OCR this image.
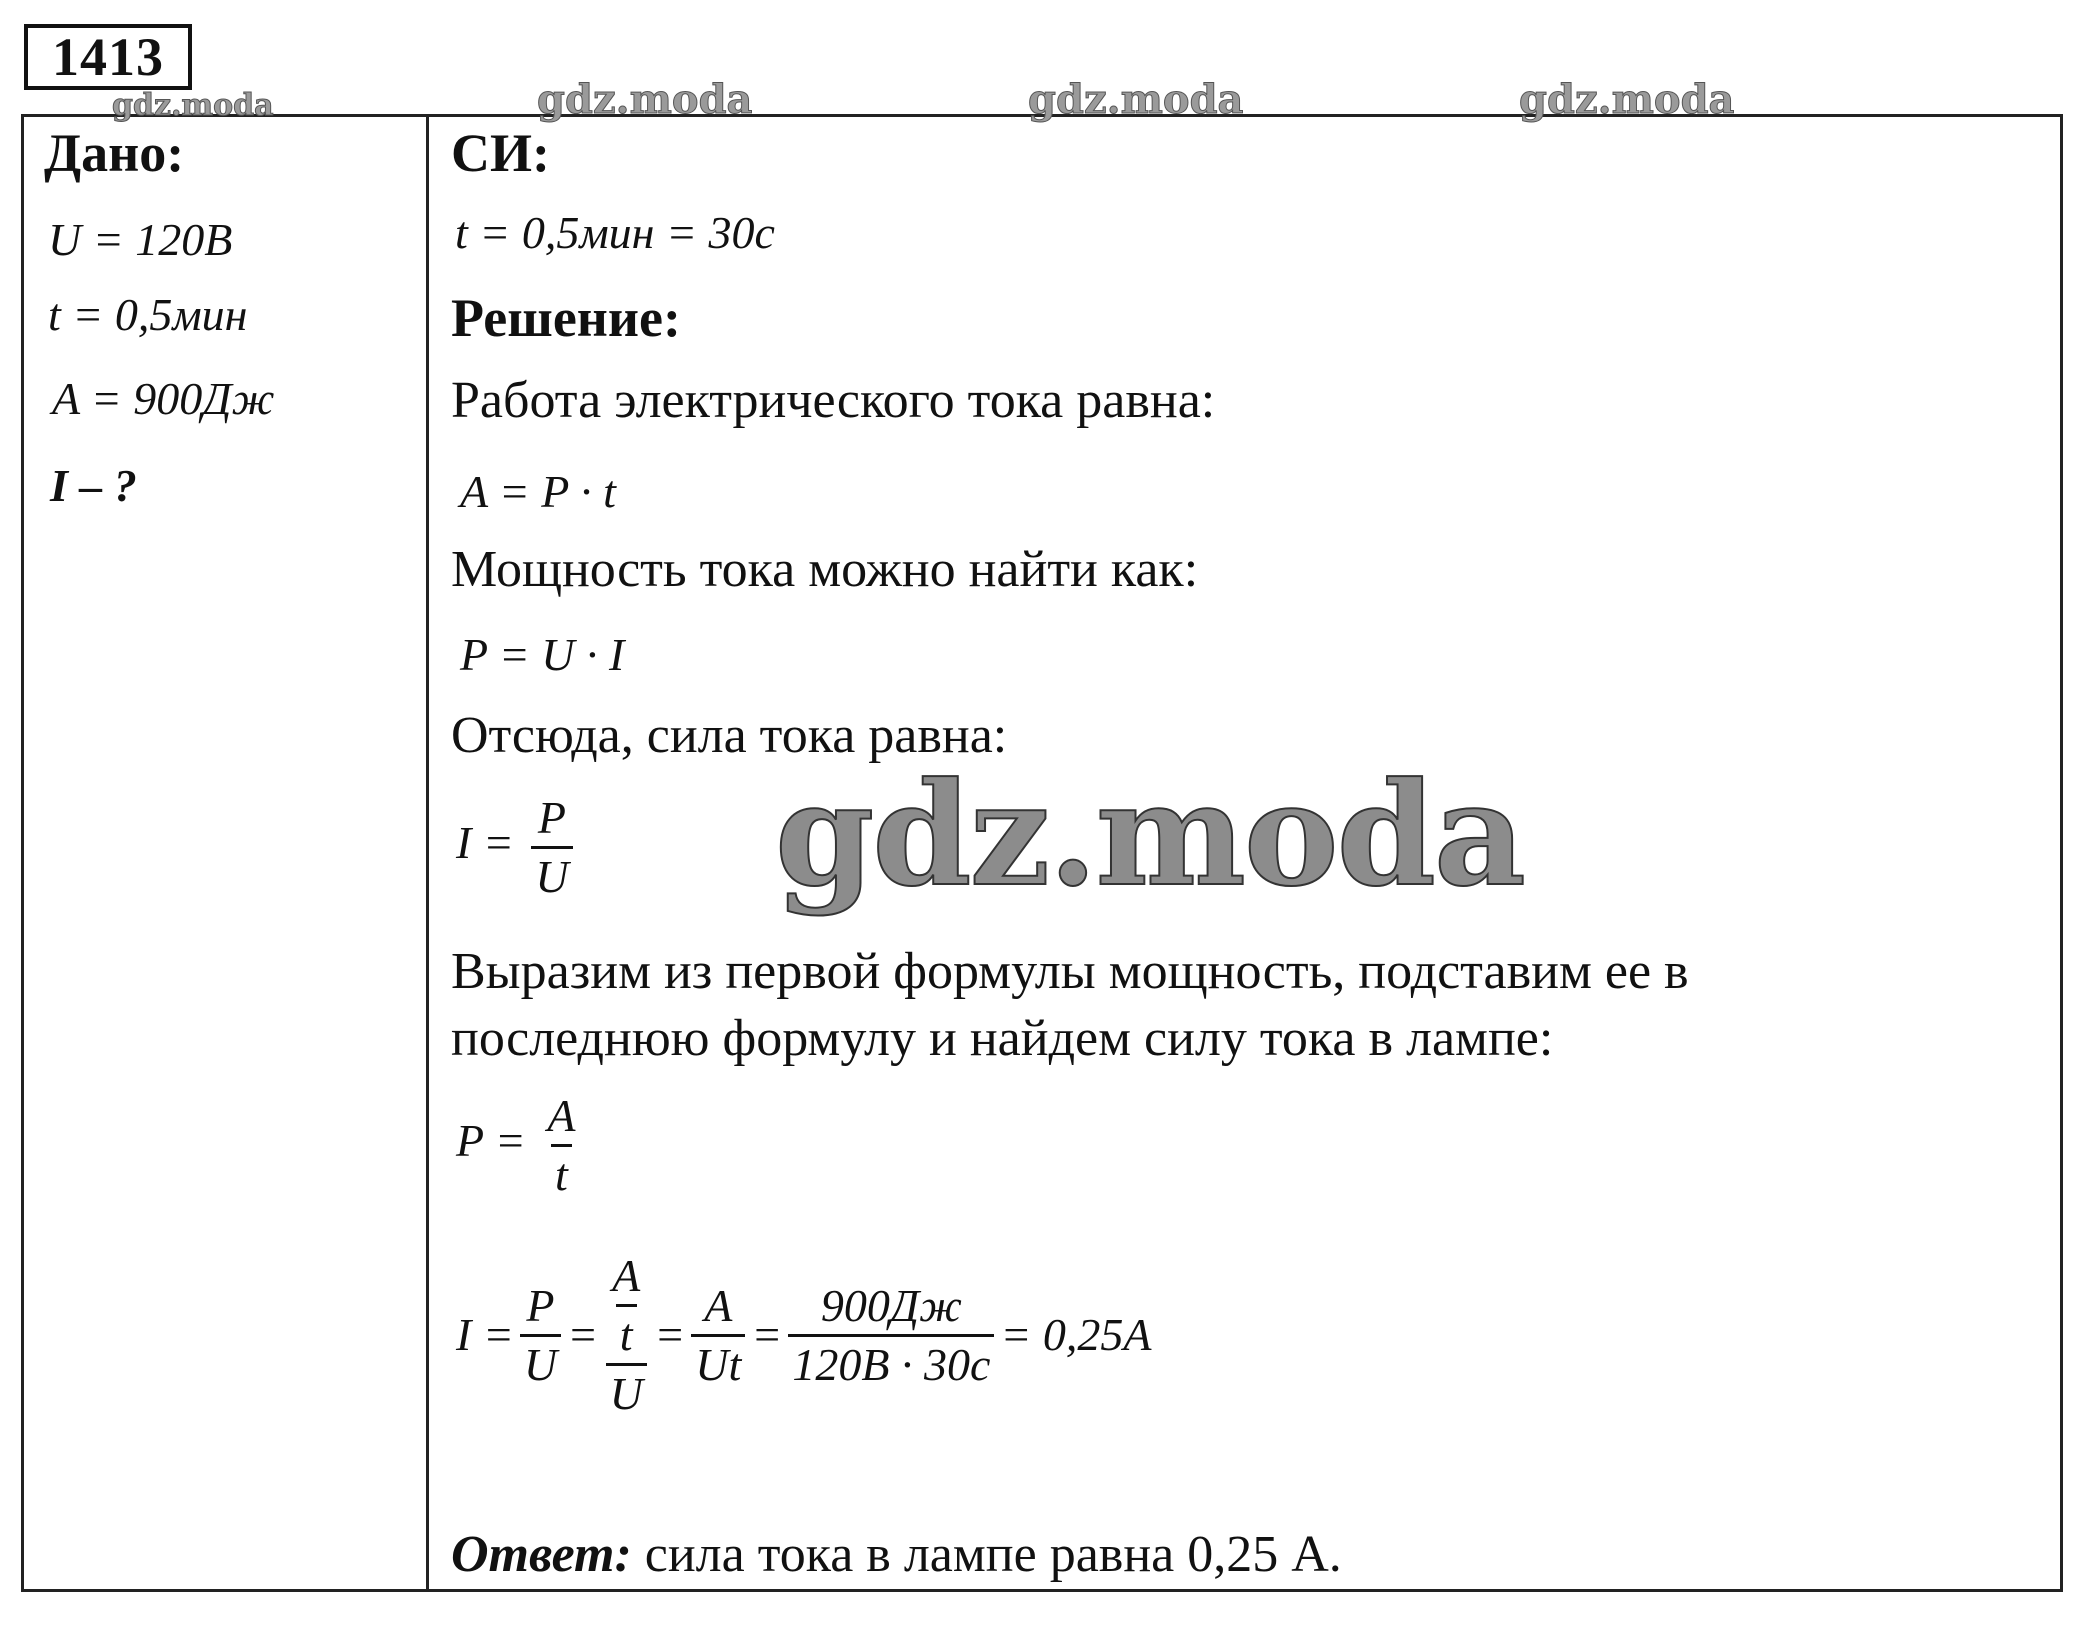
1413
gdz.moda	gdz.moda	gdz.moda	gdz.moda
Дано:
U = 120В
t = 0,5мин
A = 900Дж
I – ?
СИ:
t = 0,5мин = 30с
Решение:
Работа электрического тока равна:
A = P · t
Мощность тока можно найти как:
P = U · I
Отсюда, сила тока равна:
$I = \frac{P}{U}$ gdz.moda
Выразим из первой формулы мощность, подставим ее в
последнюю формулу и найдем силу тока в лампе:
$P = \frac{A}{t}$
$I = \frac{P}{U} = \frac{\frac{A}{t}}{U} = \frac{A}{Ut} = \frac{900Дж}{120В \cdot 30с} = 0,25A$
Ответ: сила тока в лампе равна 0,25 А.
